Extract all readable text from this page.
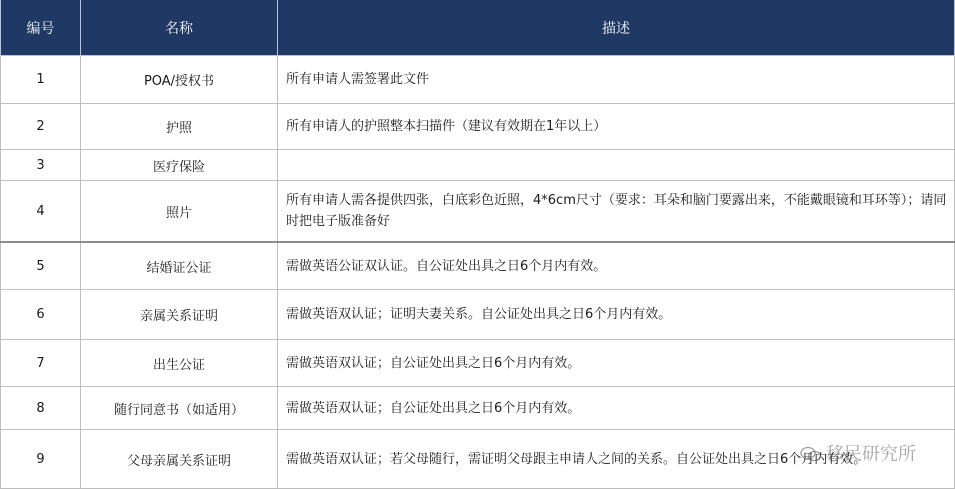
编号	名称	描述
1	POA/授权书	所有申请人需签署此文件
2	护照	所有申请人的护照整本扫描件（建议有效期在1年以上）
3	医疗保险	
4	照片	所有申请人需各提供四张，白底彩色近照，4*6cm尺寸（要求：耳朵和脑门要露出来，不能戴眼镜和耳环等）；请同时把电子版准备好
5	结婚证公证	需做英语公证双认证。自公证处出具之日6个月内有效。
6	亲属关系证明	需做英语双认证；证明夫妻关系。自公证处出具之日6个月内有效。
7	出生公证	需做英语双认证；自公证处出具之日6个月内有效。
8	随行同意书（如适用）	需做英语双认证；自公证处出具之日6个月内有效。
9	父母亲属关系证明	需做英语双认证；若父母随行，需证明父母跟主申请人之间的关系。自公证处出具之日6个月内有效。
移民研究所
